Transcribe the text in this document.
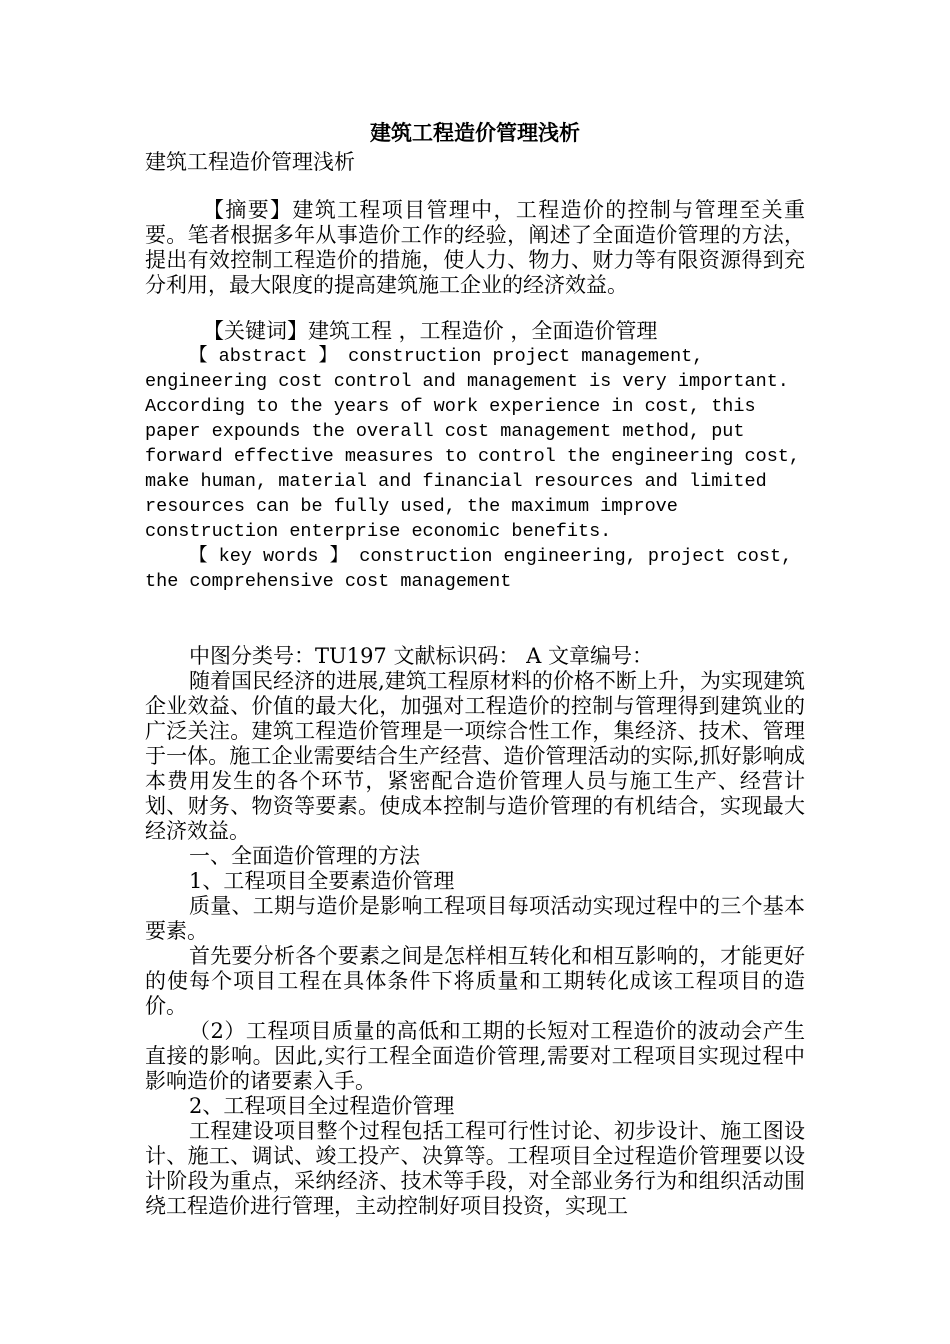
建筑工程造价管理浅析

建筑工程造价管理浅析

【摘要】建筑工程项目管理中，工程造价的控制与管理至关重要。笔者根据多年从事造价工作的经验，阐述了全面造价管理的方法，提出有效控制工程造价的措施，使人力、物力、财力等有限资源得到充分利用，最大限度的提高建筑施工企业的经济效益。

【关键词】建筑工程 ，工程造价 ，全面造价管理

【 abstract 】 construction project management, engineering cost control and management is very important. According to the years of work experience in cost, this paper expounds the overall cost management method, put forward effective measures to control the engineering cost, make human, material and financial resources and limited resources can be fully used, the maximum improve construction enterprise economic benefits.

【 key words 】 construction engineering, project cost, the comprehensive cost management

中图分类号：TU197 文献标识码： A 文章编号：

随着国民经济的进展,建筑工程原材料的价格不断上升，为实现建筑企业效益、价值的最大化，加强对工程造价的控制与管理得到建筑业的广泛关注。建筑工程造价管理是一项综合性工作，集经济、技术、管理于一体。施工企业需要结合生产经营、造价管理活动的实际,抓好影响成本费用发生的各个环节，紧密配合造价管理人员与施工生产、经营计划、财务、物资等要素。使成本控制与造价管理的有机结合，实现最大经济效益。

一、全面造价管理的方法

1、工程项目全要素造价管理

质量、工期与造价是影响工程项目每项活动实现过程中的三个基本要素。

首先要分析各个要素之间是怎样相互转化和相互影响的，才能更好的使每个项目工程在具体条件下将质量和工期转化成该工程项目的造价。

（2）工程项目质量的高低和工期的长短对工程造价的波动会产生直接的影响。因此,实行工程全面造价管理,需要对工程项目实现过程中影响造价的诸要素入手。

2、工程项目全过程造价管理

工程建设项目整个过程包括工程可行性讨论、初步设计、施工图设计、施工、调试、竣工投产、决算等。工程项目全过程造价管理要以设计阶段为重点，采纳经济、技术等手段，对全部业务行为和组织活动围绕工程造价进行管理，主动控制好项目投资，实现工
